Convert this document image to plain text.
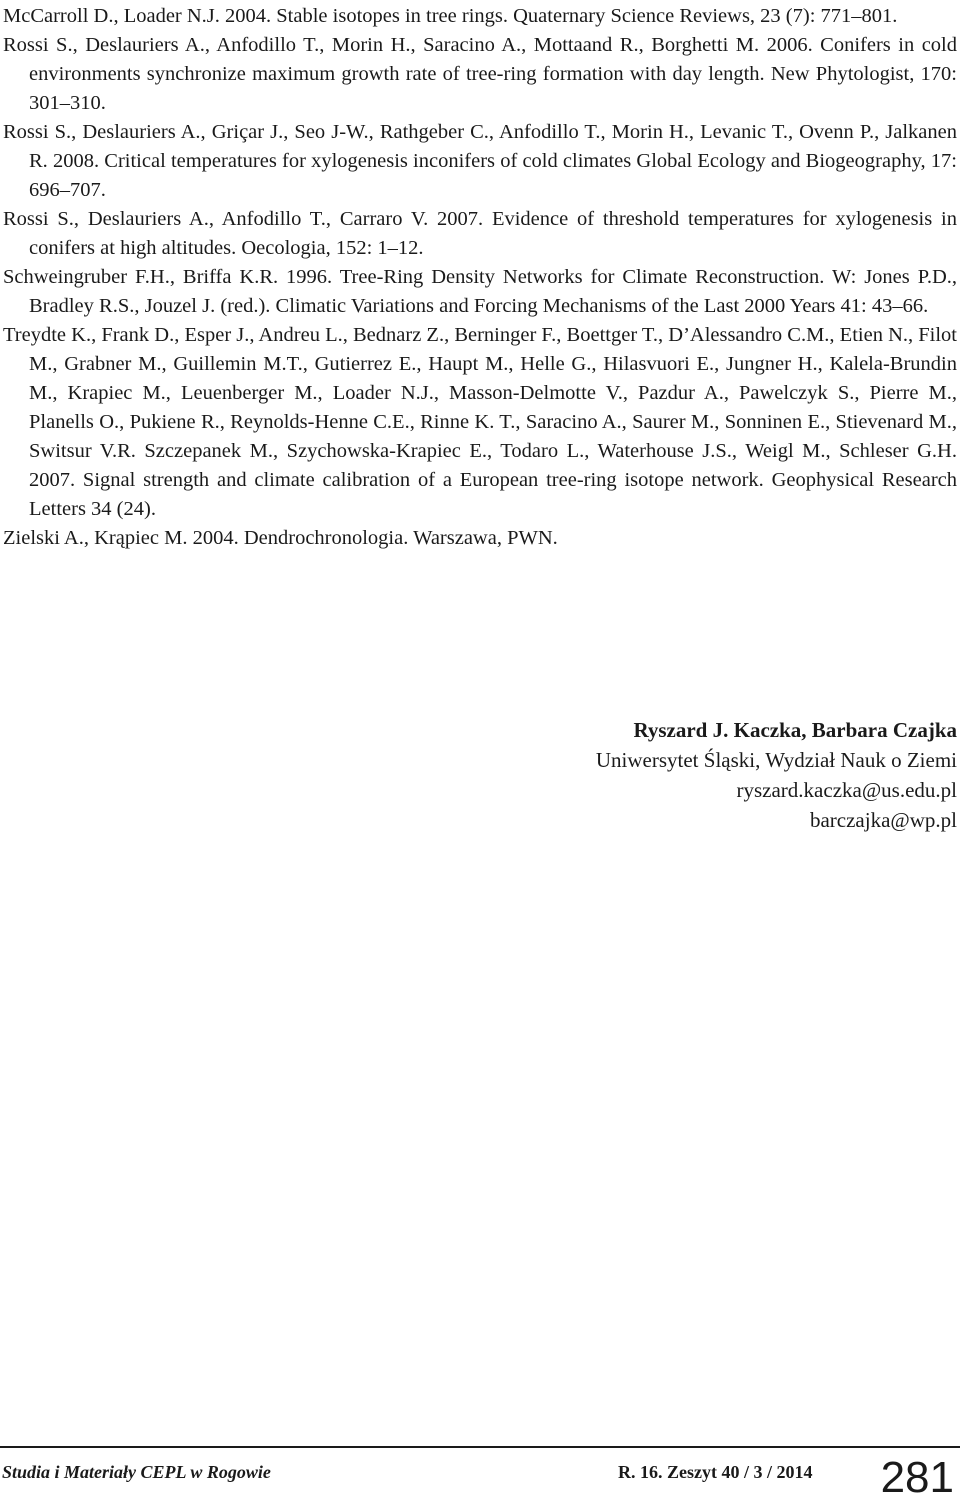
McCarroll D., Loader N.J. 2004. Stable isotopes in tree rings. Quaternary Science Reviews, 23 (7): 771–801.

Rossi S., Deslauriers A., Anfodillo T., Morin H., Saracino A., Mottaand R., Borghetti M. 2006. Conifers in cold environments synchronize maximum growth rate of tree-ring formation with day length. New Phytologist, 170: 301–310.

Rossi S., Deslauriers A., Griçar J., Seo J-W., Rathgeber C., Anfodillo T., Morin H., Levanic T., Ovenn P., Jalkanen R. 2008. Critical temperatures for xylogenesis inconifers of cold climates Global Ecology and Biogeography, 17: 696–707.

Rossi S., Deslauriers A., Anfodillo T., Carraro V. 2007. Evidence of threshold temperatures for xylogenesis in conifers at high altitudes. Oecologia, 152: 1–12.

Schweingruber F.H., Briffa K.R. 1996. Tree-Ring Density Networks for Climate Reconstruction. W: Jones P.D., Bradley R.S., Jouzel J. (red.). Climatic Variations and Forcing Mechanisms of the Last 2000 Years 41: 43–66.

Treydte K., Frank D., Esper J., Andreu L., Bednarz Z., Berninger F., Boettger T., D’Alessandro C.M., Etien N., Filot M., Grabner M., Guillemin M.T., Gutierrez E., Haupt M., Helle G., Hilasvuori E., Jungner H., Kalela-Brundin M., Krapiec M., Leuenberger M., Loader N.J., Masson-Delmotte V., Pazdur A., Pawelczyk S., Pierre M., Planells O., Pukiene R., Reynolds-Henne C.E., Rinne K. T., Saracino A., Saurer M., Sonninen E., Stievenard M., Switsur V.R. Szczepanek M., Szychowska-Krapiec E., Todaro L., Waterhouse J.S., Weigl M., Schleser G.H. 2007. Signal strength and climate calibration of a European tree-ring isotope network. Geophysical Research Letters 34 (24).

Zielski A., Krąpiec M. 2004. Dendrochronologia. Warszawa, PWN.

Ryszard J. Kaczka, Barbara Czajka
Uniwersytet Śląski, Wydział Nauk o Ziemi
ryszard.kaczka@us.edu.pl
barczajka@wp.pl
Studia i Materiały CEPL w Rogowie	R. 16. Zeszyt 40 / 3 / 2014 281
